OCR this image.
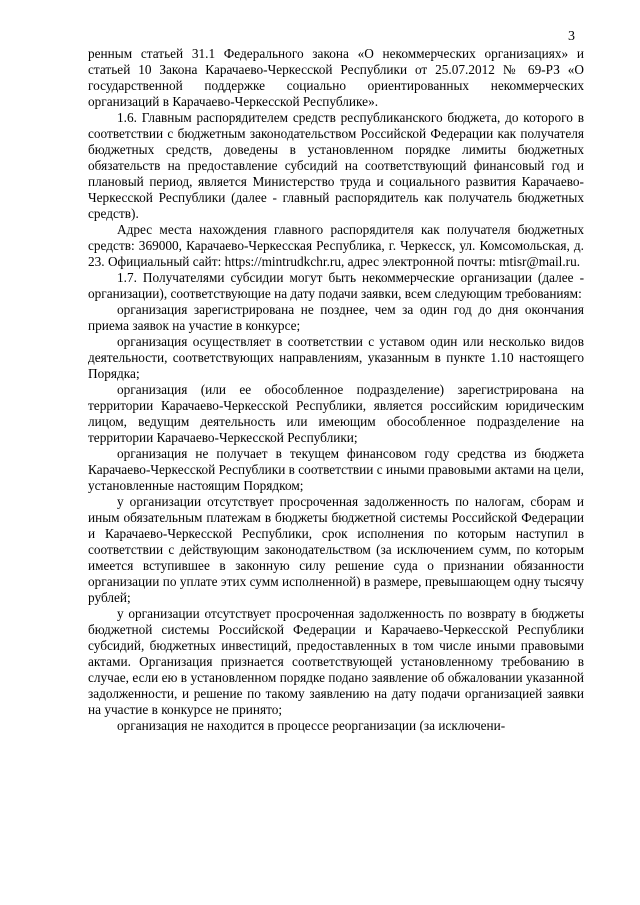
3

ренным статьей 31.1 Федерального закона «О некоммерческих организациях» и статьей 10 Закона Карачаево-Черкесской Республики от 25.07.2012 № 69-РЗ «О государственной поддержке социально ориентированных некоммерческих организаций в Карачаево-Черкесской Республике».

1.6. Главным распорядителем средств республиканского бюджета, до которого в соответствии с бюджетным законодательством Российской Федерации как получателя бюджетных средств, доведены в установленном порядке лимиты бюджетных обязательств на предоставление субсидий на соответствующий финансовый год и плановый период, является Министерство труда и социального развития Карачаево-Черкесской Республики (далее - главный распорядитель как получатель бюджетных средств).

Адрес места нахождения главного распорядителя как получателя бюджетных средств: 369000, Карачаево-Черкесская Республика, г. Черкесск, ул. Комсомольская, д. 23. Официальный сайт: https://mintrudkchr.ru, адрес электронной почты: mtisr@mail.ru.

1.7. Получателями субсидии могут быть некоммерческие организации (далее - организации), соответствующие на дату подачи заявки, всем следующим требованиям:

организация зарегистрирована не позднее, чем за один год до дня окончания приема заявок на участие в конкурсе;

организация осуществляет в соответствии с уставом один или несколько видов деятельности, соответствующих направлениям, указанным в пункте 1.10 настоящего Порядка;

организация (или ее обособленное подразделение) зарегистрирована на территории Карачаево-Черкесской Республики, является российским юридическим лицом, ведущим деятельность или имеющим обособленное подразделение на территории Карачаево-Черкесской Республики;

организация не получает в текущем финансовом году средства из бюджета Карачаево-Черкесской Республики в соответствии с иными правовыми актами на цели, установленные настоящим Порядком;

у организации отсутствует просроченная задолженность по налогам, сборам и иным обязательным платежам в бюджеты бюджетной системы Российской Федерации и Карачаево-Черкесской Республики, срок исполнения по которым наступил в соответствии с действующим законодательством (за исключением сумм, по которым имеется вступившее в законную силу решение суда о признании обязанности организации по уплате этих сумм исполненной) в размере, превышающем одну тысячу рублей;

у организации отсутствует просроченная задолженность по возврату в бюджеты бюджетной системы Российской Федерации и Карачаево-Черкесской Республики субсидий, бюджетных инвестиций, предоставленных в том числе иными правовыми актами. Организация признается соответствующей установленному требованию в случае, если ею в установленном порядке подано заявление об обжаловании указанной задолженности, и решение по такому заявлению на дату подачи организацией заявки на участие в конкурсе не принято;

организация не находится в процессе реорганизации (за исключени-
